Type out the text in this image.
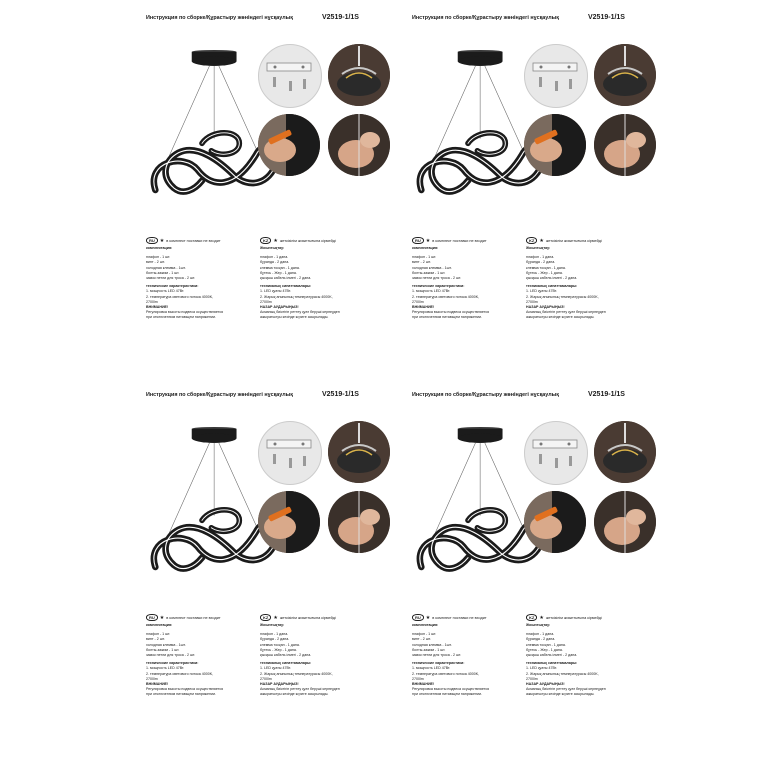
Инструкция по сборке/Құрастыру жөніндегі нұсқаулық	V2519-1/1S
RU	★ в комплект поставки не входит
комплектация:
плафон - 1 шт.
винт - 2 шт.
холодная клемма - 1шт.
болты-зажим - 1 шт.
замок петли для троса - 2 шт.
технические характеристики:
1. мощность LED 47Вт.
2. температура светового потока 4000K,
2700lm
ВНИМАНИЕ!
Регулировка высоты подвеса осуществляется
при отключенном питающем напряжении.
KZ	★ жеткізілім жиынтығына кірмейді
Жиынтықтау:
плафон - 1 дана.
бұранда - 2 дана.
клемма тосқан - 1 дана.
бұтесь - Жер - 1 дана.
қысқыш кабель ілмегі - 2 дана.
техникалық сипаттамалары:
1. LED қуаты 47Вт.
2. Жарық ағынының температурасы 4000K,
2700lm
НАЗАР АУДАРЫҢЫЗ!
Асманың биіктігін реттеу қуат беруші кернеуден
ажыратылуы кезінде жүзеге асырылады.
Инструкция по сборке/Құрастыру жөніндегі нұсқаулық	V2519-1/1S
RU	★ в комплект поставки не входит
комплектация:
плафон - 1 шт.
винт - 2 шт.
холодная клемма - 1шт.
болты-зажим - 1 шт.
замок петли для троса - 2 шт.
технические характеристики:
1. мощность LED 47Вт.
2. температура светового потока 4000K,
2700lm
ВНИМАНИЕ!
Регулировка высоты подвеса осуществляется
при отключенном питающем напряжении.
KZ	★ жеткізілім жиынтығына кірмейді
Жиынтықтау:
плафон - 1 дана.
бұранда - 2 дана.
клемма тосқан - 1 дана.
бұтесь - Жер - 1 дана.
қысқыш кабель ілмегі - 2 дана.
техникалық сипаттамалары:
1. LED қуаты 47Вт.
2. Жарық ағынының температурасы 4000K,
2700lm
НАЗАР АУДАРЫҢЫЗ!
Асманың биіктігін реттеу қуат беруші кернеуден
ажыратылуы кезінде жүзеге асырылады.
Инструкция по сборке/Құрастыру жөніндегі нұсқаулық	V2519-1/1S
RU	★ в комплект поставки не входит
комплектация:
плафон - 1 шт.
винт - 2 шт.
холодная клемма - 1шт.
болты-зажим - 1 шт.
замок петли для троса - 2 шт.
технические характеристики:
1. мощность LED 47Вт.
2. температура светового потока 4000K,
2700lm
ВНИМАНИЕ!
Регулировка высоты подвеса осуществляется
при отключенном питающем напряжении.
KZ	★ жеткізілім жиынтығына кірмейді
Жиынтықтау:
плафон - 1 дана.
бұранда - 2 дана.
клемма тосқан - 1 дана.
бұтесь - Жер - 1 дана.
қысқыш кабель ілмегі - 2 дана.
техникалық сипаттамалары:
1. LED қуаты 47Вт.
2. Жарық ағынының температурасы 4000K,
2700lm
НАЗАР АУДАРЫҢЫЗ!
Асманың биіктігін реттеу қуат беруші кернеуден
ажыратылуы кезінде жүзеге асырылады.
Инструкция по сборке/Құрастыру жөніндегі нұсқаулық	V2519-1/1S
RU	★ в комплект поставки не входит
комплектация:
плафон - 1 шт.
винт - 2 шт.
холодная клемма - 1шт.
болты-зажим - 1 шт.
замок петли для троса - 2 шт.
технические характеристики:
1. мощность LED 47Вт.
2. температура светового потока 4000K,
2700lm
ВНИМАНИЕ!
Регулировка высоты подвеса осуществляется
при отключенном питающем напряжении.
KZ	★ жеткізілім жиынтығына кірмейді
Жиынтықтау:
плафон - 1 дана.
бұранда - 2 дана.
клемма тосқан - 1 дана.
бұтесь - Жер - 1 дана.
қысқыш кабель ілмегі - 2 дана.
техникалық сипаттамалары:
1. LED қуаты 47Вт.
2. Жарық ағынының температурасы 4000K,
2700lm
НАЗАР АУДАРЫҢЫЗ!
Асманың биіктігін реттеу қуат беруші кернеуден
ажыратылуы кезінде жүзеге асырылады.
